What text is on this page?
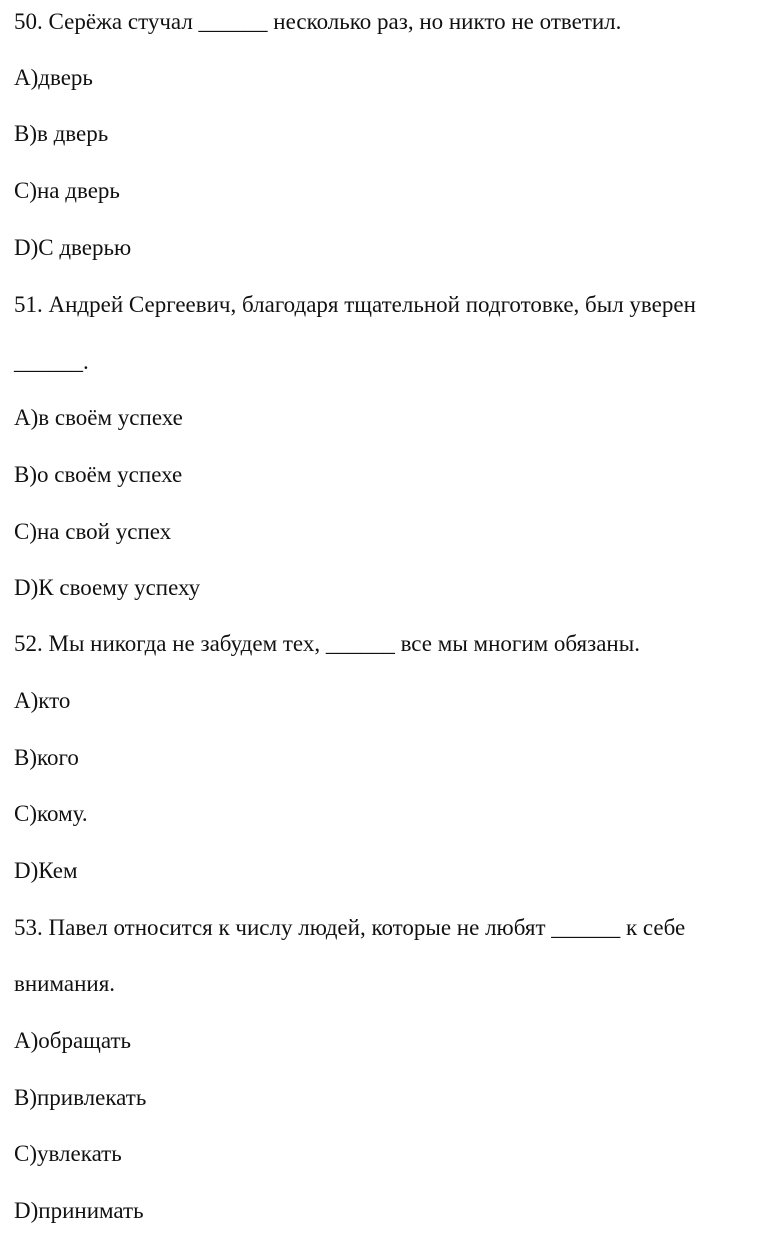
50. Серёжа стучал ______ несколько раз, но никто не ответил.
А)дверь
B)в дверь
C)на дверь
D)С дверью
51. Андрей Сергеевич, благодаря тщательной подготовке, был уверен
______.
А)в своём успехе
B)о своём успехе
C)на свой успех
D)К своему успеху
52. Мы никогда не забудем тех, ______ все мы многим обязаны.
А)кто
B)кого
C)кому.
D)Кем
53. Павел относится к числу людей, которые не любят ______ к себе
внимания.
А)обращать
B)привлекать
C)увлекать
D)принимать
